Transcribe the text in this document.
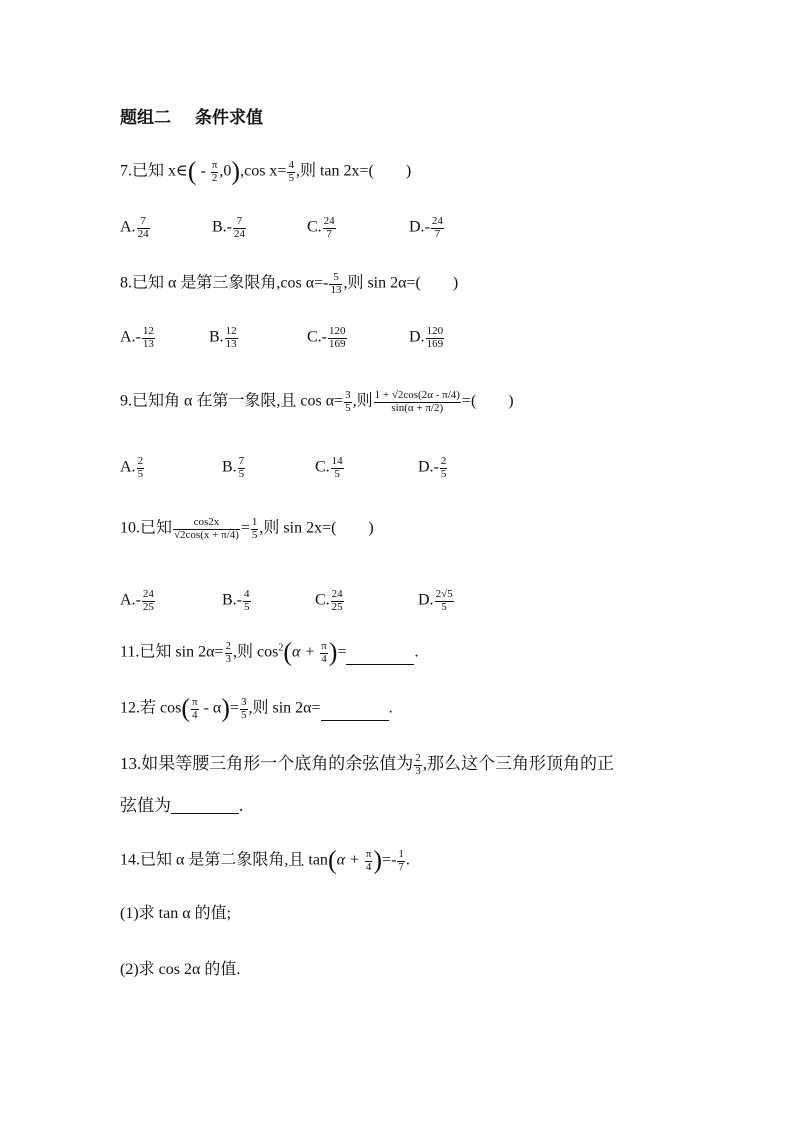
题组二 条件求值
7.已知 x∈( - $\frac{\pi}{2} ,0),\cos$ $x= \frac{4}{5}$ ,则 tan 2x=(　　)
A. $\frac{7}{24}$	$B.- \frac{7}{24}$	C. $\frac{24}{7}$	$D.- \frac{24}{7}$
8.已知 α 是第三象限角,cos $\alpha=- \frac{5}{13}$ ,则 sin 2α=(　　)
$A.- \frac{12}{13}$	B. $\frac{12}{13}$	$C.- \frac{120}{169}$	D. $\frac{120}{169}$
9.已知角 α 在第一象限,且 $\cos \alpha= \frac{3}{5}$ ,则 $\frac{1 + √2\cos(2\alpha - \pi/4)}{\sin(\alpha + \pi/2)}$ =(　　)
A. $\frac{2}{5}$	B. $\frac{7}{5}$	C. $\frac{14}{5}$	$D.- \frac{2}{5}$
10.已知 $\frac{\cos 2x}{√2\cos(x + \pi/4)} = \frac{1}{5}$ ,则 sin 2x=(　　)
$A.- \frac{24}{25}$	$B.- \frac{4}{5}$	C. $\frac{24}{25}$	D. $\frac{2√5}{5}$
11.已知 $\sin 2\alpha= \frac{2}{3}$ ,则 $\cos^2(\alpha + \frac{\pi}{4}$ )=	.
12.若 $\cos( \frac{\pi}{4} - \alpha)= \frac{3}{5}$ ,则 sin 2α=	.
13.如果等腰三角形一个底角的余弦值为 $\frac{2}{3}$ ,那么这个三角形顶角的正
弦值为	.
14.已知 α 是第二象限角,且 $\tan(\alpha + \frac{\pi}{4}$ )=- $\frac{1}{7}$ .
(1)求 tan α 的值;
(2)求 cos 2α 的值.
